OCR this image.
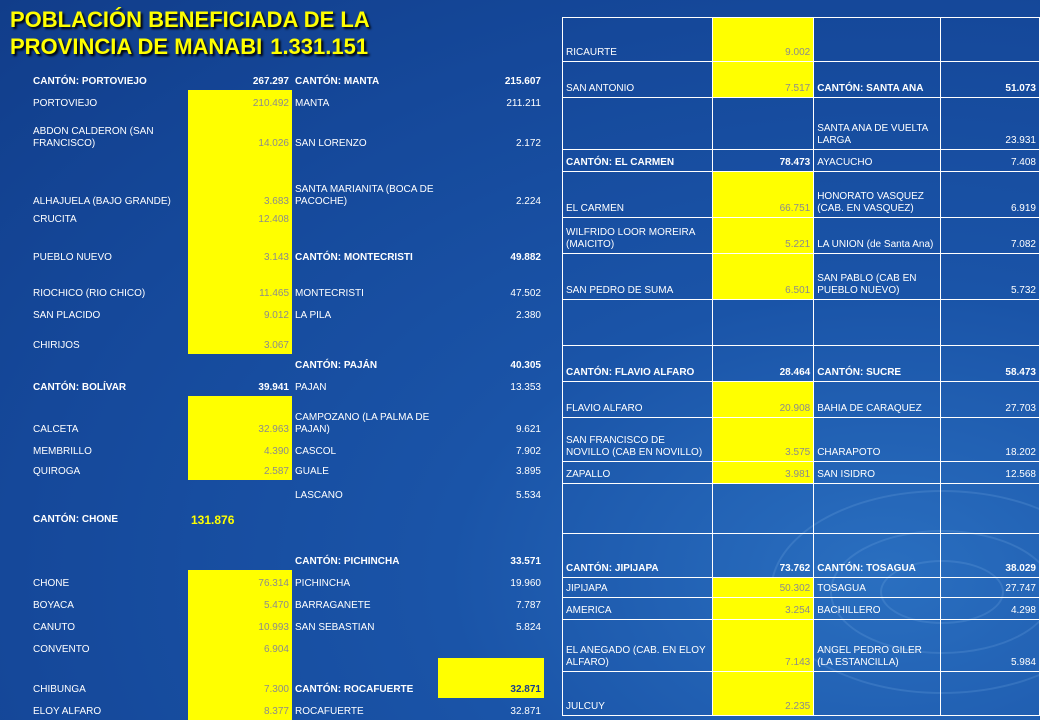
POBLACIÓN BENEFICIADA DE LA
PROVINCIA DE MANABI 1.331.151
CANTÓN: PORTOVIEJO	267.297	CANTÓN: MANTA	215.607
PORTOVIEJO	210.492	MANTA	211.211
ABDON CALDERON (SAN FRANCISCO)	14.026	SAN LORENZO	2.172
ALHAJUELA (BAJO GRANDE)	3.683	SANTA MARIANITA (BOCA DE PACOCHE)	2.224
CRUCITA	12.408		
PUEBLO NUEVO	3.143	CANTÓN: MONTECRISTI	49.882
RIOCHICO (RIO CHICO)	11.465	MONTECRISTI	47.502
SAN PLACIDO	9.012	LA PILA	2.380
CHIRIJOS	3.067		
		CANTÓN: PAJÁN	40.305
CANTÓN: BOLÍVAR	39.941	PAJAN	13.353
CALCETA	32.963	CAMPOZANO (LA PALMA DE PAJAN)	9.621
MEMBRILLO	4.390	CASCOL	7.902
QUIROGA	2.587	GUALE	3.895
		LASCANO	5.534
CANTÓN: CHONE	131.876		
		CANTÓN: PICHINCHA	33.571
CHONE	76.314	PICHINCHA	19.960
BOYACA	5.470	BARRAGANETE	7.787
CANUTO	10.993	SAN SEBASTIAN	5.824
CONVENTO	6.904		
CHIBUNGA	7.300	CANTÓN: ROCAFUERTE	32.871
ELOY ALFARO	8.377	ROCAFUERTE	32.871
RICAURTE	9.002		
SAN ANTONIO	7.517	CANTÓN: SANTA ANA	51.073
		SANTA ANA DE VUELTA LARGA	23.931
CANTÓN: EL CARMEN	78.473	AYACUCHO	7.408
EL CARMEN	66.751	HONORATO VASQUEZ (CAB. EN VASQUEZ)	6.919
WILFRIDO LOOR MOREIRA (MAICITO)	5.221	LA UNION (de Santa Ana)	7.082
SAN PEDRO DE SUMA	6.501	SAN PABLO (CAB EN PUEBLO NUEVO)	5.732

CANTÓN: FLAVIO ALFARO	28.464	CANTÓN: SUCRE	58.473
FLAVIO ALFARO	20.908	BAHIA DE CARAQUEZ	27.703
SAN FRANCISCO DE NOVILLO (CAB EN NOVILLO)	3.575	CHARAPOTO	18.202
ZAPALLO	3.981	SAN ISIDRO	12.568

CANTÓN: JIPIJAPA	73.762	CANTÓN: TOSAGUA	38.029
JIPIJAPA	50.302	TOSAGUA	27.747
AMERICA	3.254	BACHILLERO	4.298
EL ANEGADO (CAB. EN ELOY ALFARO)	7.143	ANGEL PEDRO GILER (LA ESTANCILLA)	5.984
JULCUY	2.235		
